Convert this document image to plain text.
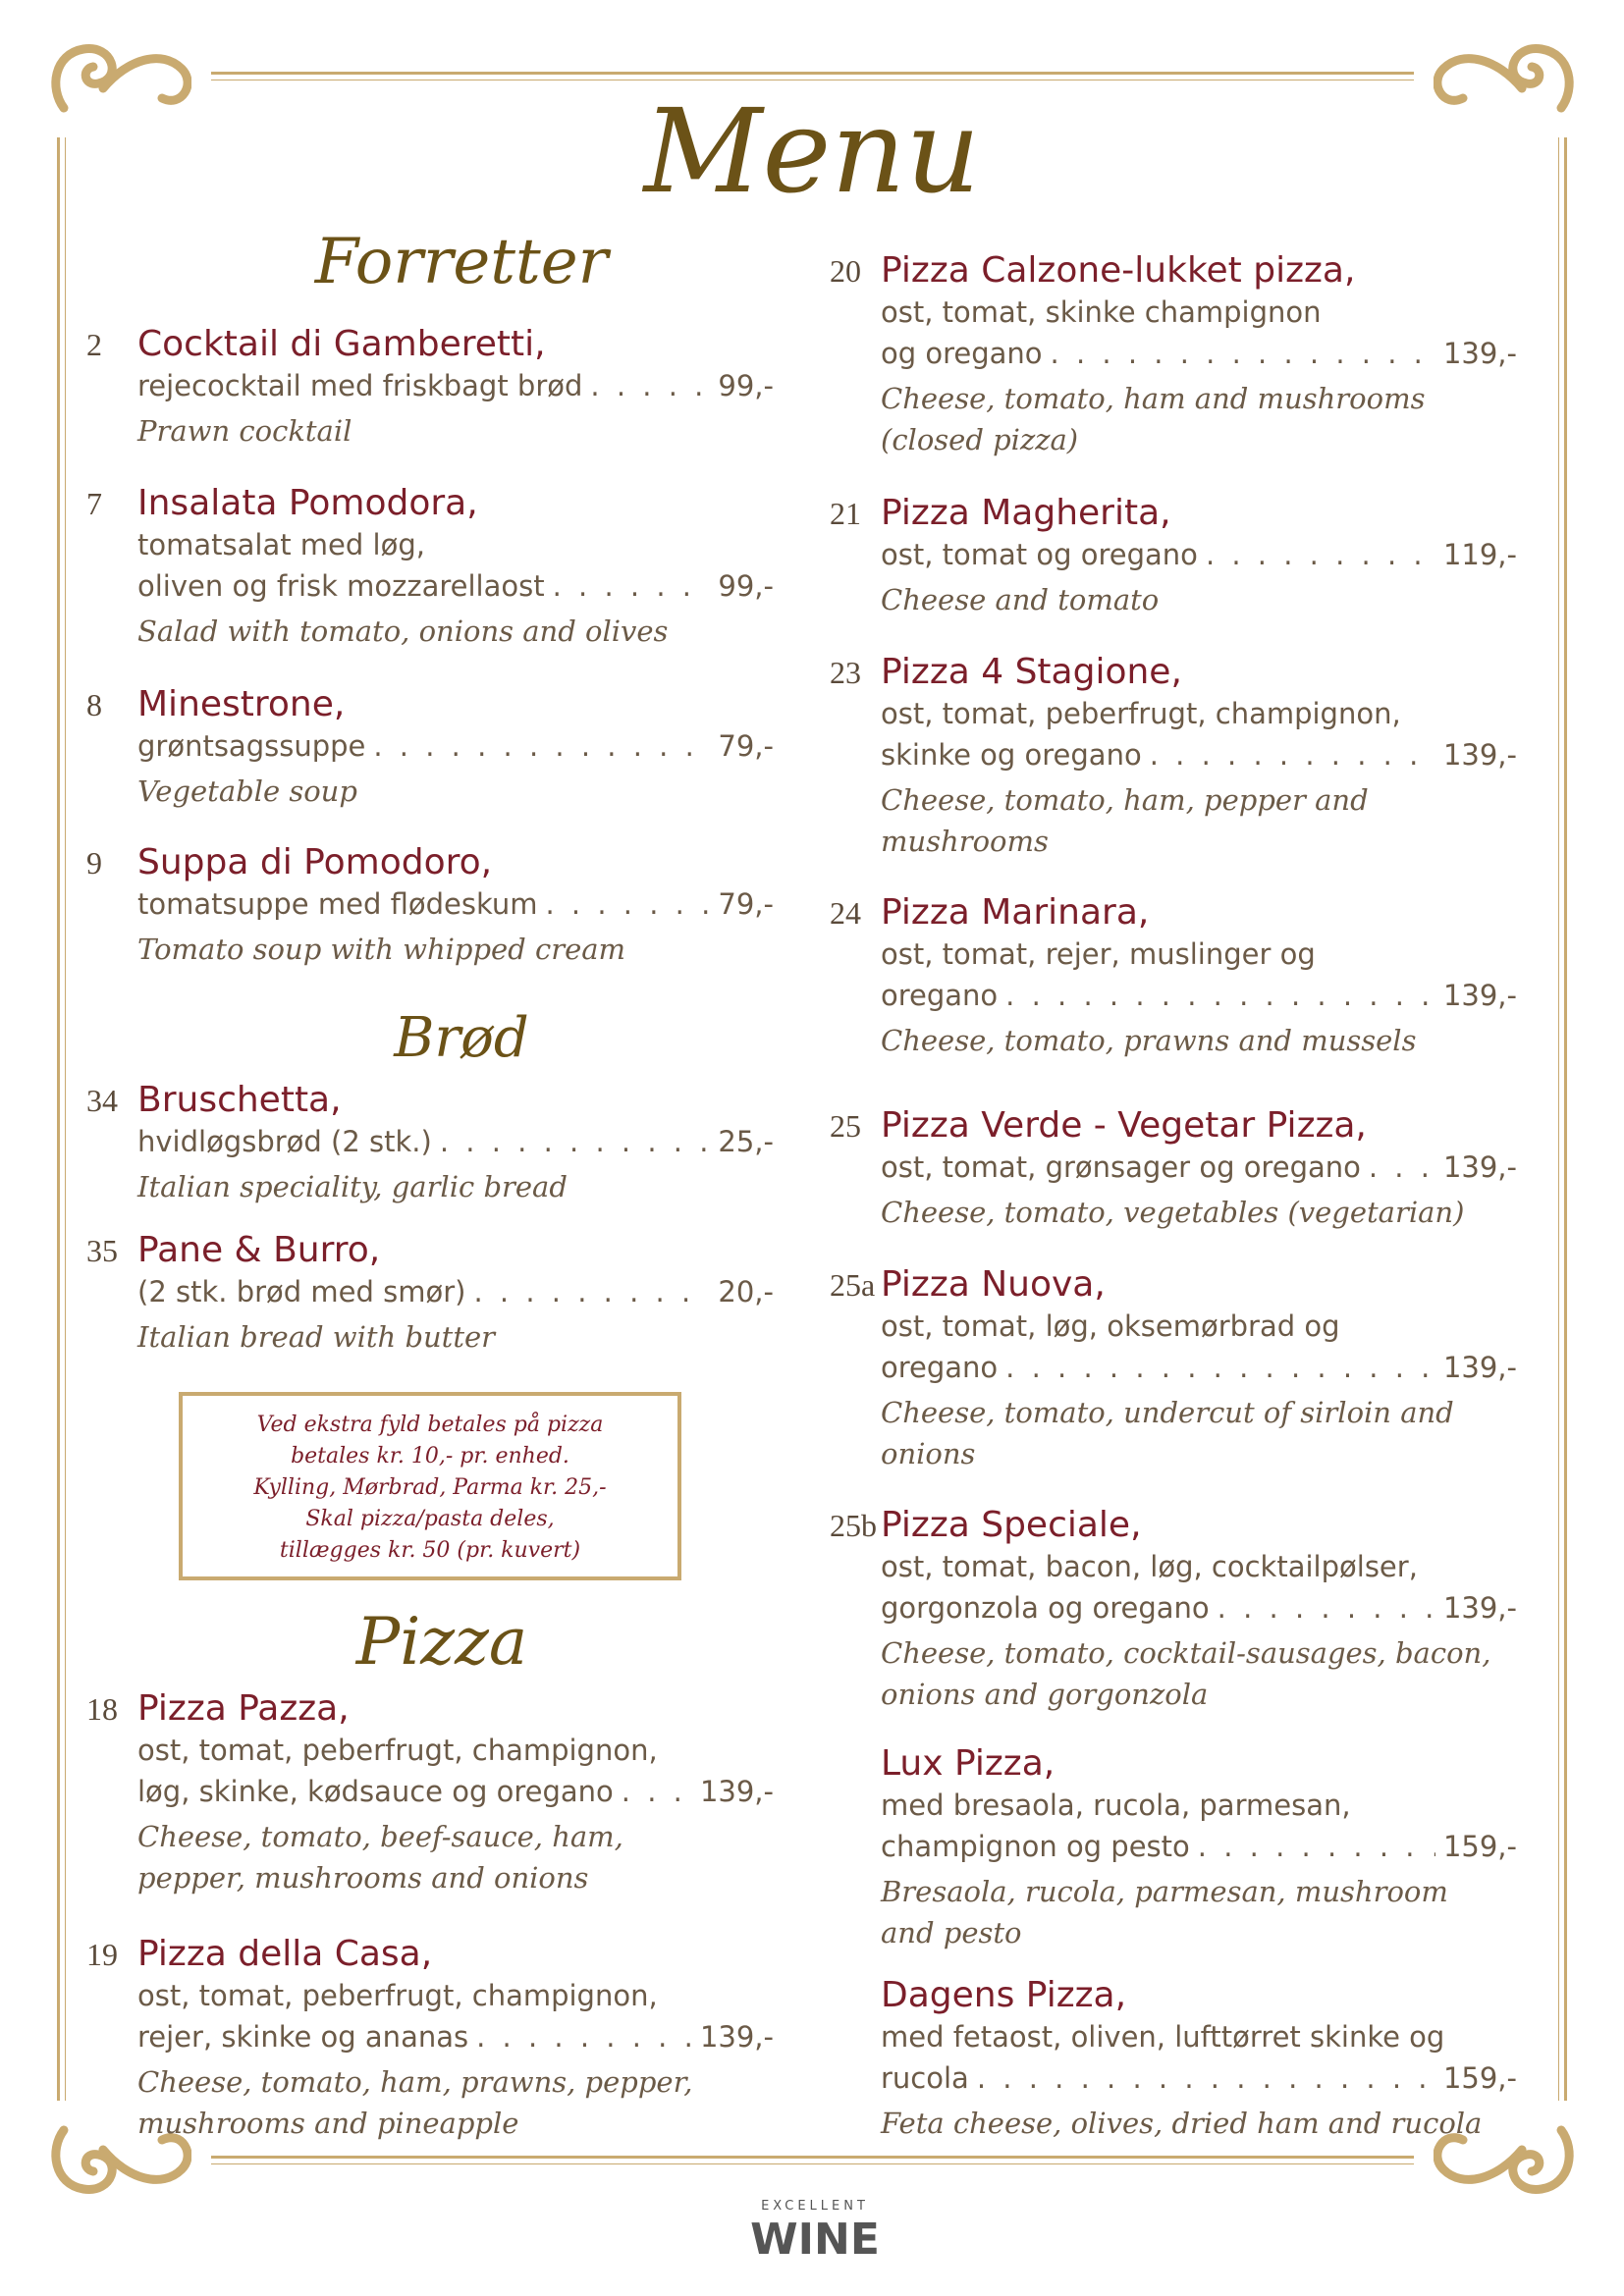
Menu
Forretter
Brød
Pizza
2 Cocktail di Gamberetti,
rejecocktail med friskbagt brød . . .	99,-
Prawn cocktail
7 Insalata Pomodora,
tomatsalat med løg,
oliven og frisk mozzarellaost . . .	99,-
Salad with tomato, onions and olives
8 Minestrone,
grøntsagssuppe . . .	79,-
Vegetable soup
9 Suppa di Pomodoro,
tomatsuppe med flødeskum . . .	79,-
Tomato soup with whipped cream
34 Bruschetta,
hvidløgsbrød (2 stk.) . . .	25,-
Italian speciality, garlic bread
35 Pane & Burro,
(2 stk. brød med smør) . . .	20,-
Italian bread with butter
18 Pizza Pazza,
ost, tomat, peberfrugt, champignon,
løg, skinke, kødsauce og oregano . . .	139,-
Cheese, tomato, beef-sauce, ham,
pepper, mushrooms and onions
19 Pizza della Casa,
ost, tomat, peberfrugt, champignon,
rejer, skinke og ananas . . .	139,-
Cheese, tomato, ham, prawns, pepper,
mushrooms and pineapple
20 Pizza Calzone-lukket pizza,
ost, tomat, skinke champignon
og oregano . . .	139,-
Cheese, tomato, ham and mushrooms
(closed pizza)
21 Pizza Magherita,
ost, tomat og oregano . . .	119,-
Cheese and tomato
23 Pizza 4 Stagione,
ost, tomat, peberfrugt, champignon,
skinke og oregano . . .	139,-
Cheese, tomato, ham, pepper and
mushrooms
24 Pizza Marinara,
ost, tomat, rejer, muslinger og
oregano . . .	139,-
Cheese, tomato, prawns and mussels
25 Pizza Verde - Vegetar Pizza,
ost, tomat, grønsager og oregano . . .	139,-
Cheese, tomato, vegetables (vegetarian)
25a Pizza Nuova,
ost, tomat, løg, oksemørbrad og
oregano . . .	139,-
Cheese, tomato, undercut of sirloin and
onions
25b Pizza Speciale,
ost, tomat, bacon, løg, cocktailpølser,
gorgonzola og oregano . . .	139,-
Cheese, tomato, cocktail-sausages, bacon,
onions and gorgonzola
Lux Pizza,
med bresaola, rucola, parmesan,
champignon og pesto . . .	159,-
Bresaola, rucola, parmesan, mushroom
and pesto
Dagens Pizza,
med fetaost, oliven, lufttørret skinke og
rucola . . .	159,-
Feta cheese, olives, dried ham and rucola
Ved ekstra fyld betales på pizza
betales kr. 10,- pr. enhed.
Kylling, Mørbrad, Parma kr. 25,-
Skal pizza/pasta deles,
tillægges kr. 50 (pr. kuvert)
EXCELLENT
WINE
